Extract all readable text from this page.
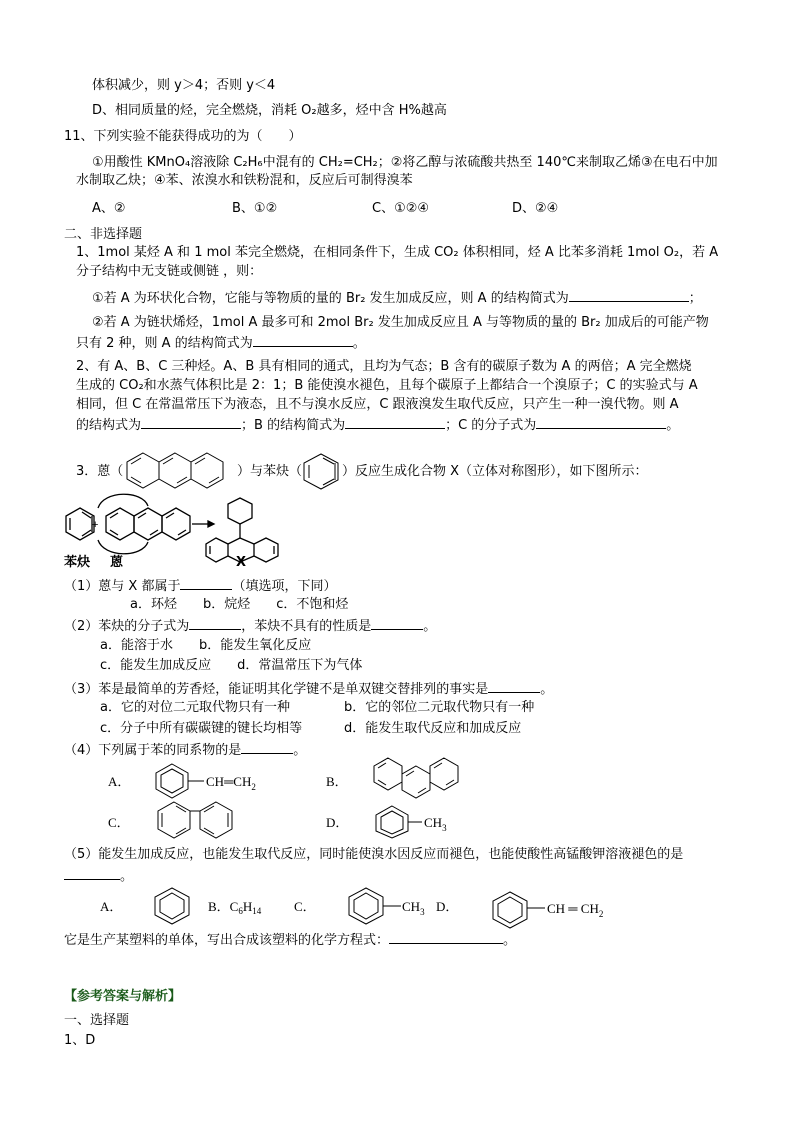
体积减少，则 y＞4；否则 y＜4
D、相同质量的烃，完全燃烧，消耗 O₂越多，烃中含 H%越高
11、下列实验不能获得成功的为（　　）
①用酸性 KMnO₄溶液除 C₂H₆中混有的 CH₂=CH₂；②将乙醇与浓硫酸共热至 140℃来制取乙烯③在电石中加
水制取乙炔；④苯、浓溴水和铁粉混和，反应后可制得溴苯
A、②	B、①②	C、①②④	D、②④
二、非选择题
1、1mol 某烃 A 和 1 mol 苯完全燃烧，在相同条件下，生成 CO₂ 体积相同，烃 A 比苯多消耗 1mol O₂，若 A
分子结构中无支链或侧链 ，则：
①若 A 为环状化合物，它能与等物质的量的 Br₂ 发生加成反应，则 A 的结构简式为	；
②若 A 为链状烯烃，1mol A 最多可和 2mol Br₂ 发生加成反应且 A 与等物质的量的 Br₂ 加成后的可能产物
只有 2 种，则 A 的结构简式为	。
2、有 A、B、C 三种烃。A、B 具有相同的通式，且均为气态；B 含有的碳原子数为 A 的两倍；A 完全燃烧
生成的 CO₂和水蒸气体积比是 2：1；B 能使溴水褪色，且每个碳原子上都结合一个溴原子；C 的实验式与 A
相同，但 C 在常温常压下为液态，且不与溴水反应，C 跟液溴发生取代反应，只产生一种一溴代物。则 A
的结构式为	；B 的结构简式为	；C 的分子式为	。
3．蒽（	）与苯炔（	）反应生成化合物 X（立体对称图形），如下图所示：
+
苯炔 蒽	X
（1）蒽与 X 都属于	（填选项，下同）
a．环烃　　b．烷烃　　c．不饱和烃
（2）苯炔的分子式为	，苯炔不具有的性质是	。
a．能溶于水　　b．能发生氧化反应
c．能发生加成反应　　d．常温常压下为气体
（3）苯是最简单的芳香烃，能证明其化学键不是单双键交替排列的事实是	。
a．它的对位二元取代物只有一种	b．它的邻位二元取代物只有一种
c．分子中所有碳碳键的键长均相等	d．能发生取代反应和加成反应
（4）下列属于苯的同系物的是	。
A．	$CH═CH_2$	B．
C．	D．	$CH_3$
（5）能发生加成反应，也能发生取代反应，同时能使溴水因反应而褪色，也能使酸性高锰酸钾溶液褪色的是
。
A．	B．$C_6H_{14}$	C．	$CH_3$ D．	CH ═ $CH_2$
它是生产某塑料的单体，写出合成该塑料的化学方程式：	。
【参考答案与解析】
一、选择题
1、D
